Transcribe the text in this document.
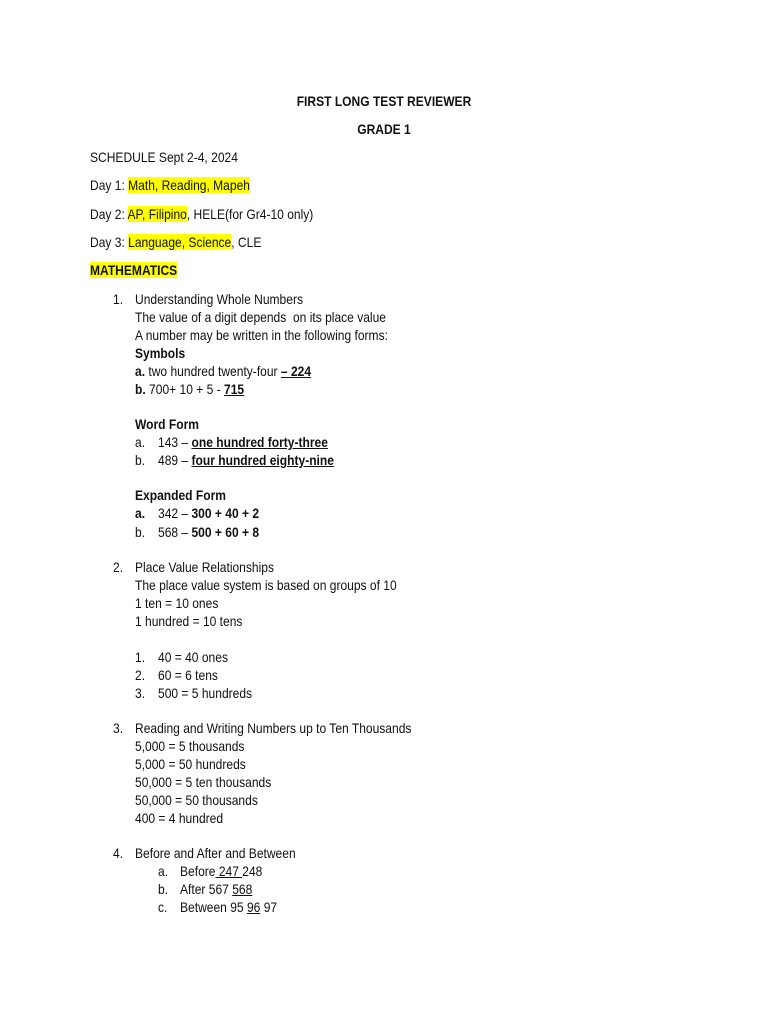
FIRST LONG TEST REVIEWER
GRADE 1
SCHEDULE Sept 2-4, 2024
Day 1: Math, Reading, Mapeh
Day 2: AP, Filipino, HELE(for Gr4-10 only)
Day 3: Language, Science, CLE
MATHEMATICS
1. Understanding Whole Numbers
The value of a digit depends  on its place value
A number may be written in the following forms:
Symbols
a. two hundred twenty-four – 224
b. 700+ 10 + 5 - 715
Word Form
a. 143 – one hundred forty-three
b. 489 – four hundred eighty-nine
Expanded Form
a. 342 – 300 + 40 + 2
b. 568 – 500 + 60 + 8
2. Place Value Relationships
The place value system is based on groups of 10
1 ten = 10 ones
1 hundred = 10 tens
1. 40 = 40 ones
2. 60 = 6 tens
3. 500 = 5 hundreds
3. Reading and Writing Numbers up to Ten Thousands
5,000 = 5 thousands
5,000 = 50 hundreds
50,000 = 5 ten thousands
50,000 = 50 thousands
400 = 4 hundred
4. Before and After and Between
a. Before 247 248
b. After 567 568
c. Between 95 96 97
